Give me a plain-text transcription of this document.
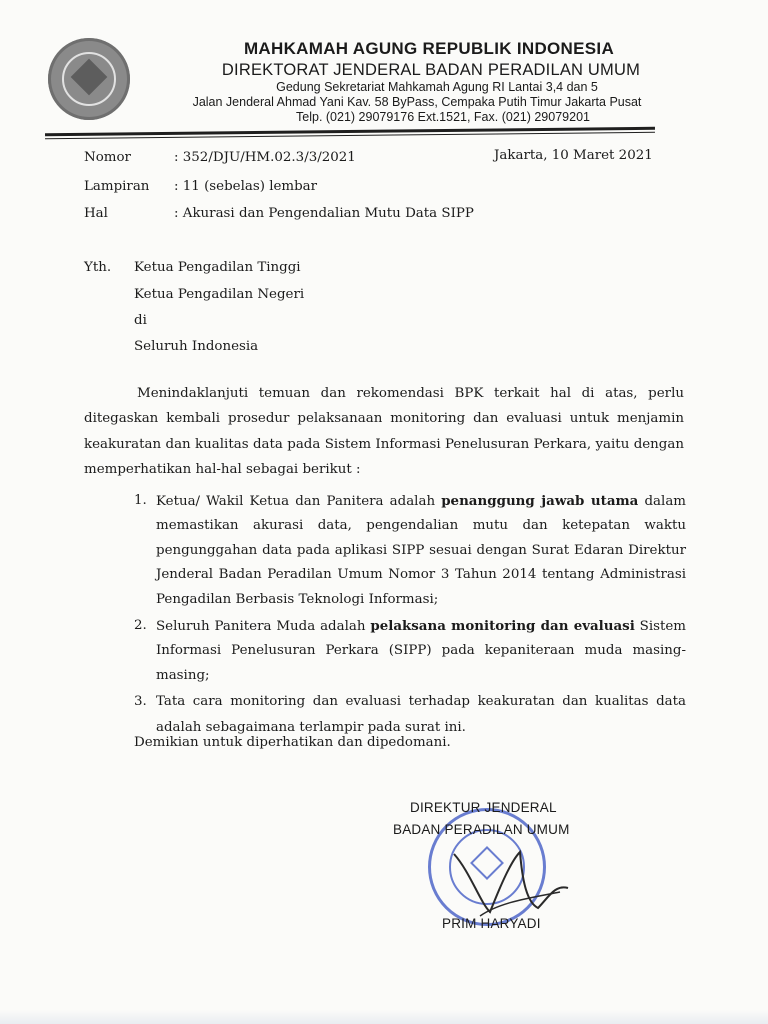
MAHKAMAH AGUNG REPUBLIK INDONESIA
DIREKTORAT JENDERAL BADAN PERADILAN UMUM
Gedung Sekretariat Mahkamah Agung RI Lantai 3,4 dan 5
Jalan Jenderal Ahmad Yani Kav. 58 ByPass, Cempaka Putih Timur Jakarta Pusat
Telp. (021) 29079176 Ext.1521, Fax. (021) 29079201
Nomor	: 352/DJU/HM.02.3/3/2021	Jakarta, 10 Maret 2021
Lampiran : 11 (sebelas) lembar
Hal	: Akurasi dan Pengendalian Mutu Data SIPP
Yth. Ketua Pengadilan Tinggi
Ketua Pengadilan Negeri
di
Seluruh Indonesia

Menindaklanjuti temuan dan rekomendasi BPK terkait hal di atas, perlu ditegaskan kembali prosedur pelaksanaan monitoring dan evaluasi untuk menjamin keakuratan dan kualitas data pada Sistem Informasi Penelusuran Perkara, yaitu dengan memperhatikan hal-hal sebagai berikut :

1. Ketua/ Wakil Ketua dan Panitera adalah penanggung jawab utama dalam memastikan akurasi data, pengendalian mutu dan ketepatan waktu pengunggahan data pada aplikasi SIPP sesuai dengan Surat Edaran Direktur Jenderal Badan Peradilan Umum Nomor 3 Tahun 2014 tentang Administrasi Pengadilan Berbasis Teknologi Informasi;
2. Seluruh Panitera Muda adalah pelaksana monitoring dan evaluasi Sistem Informasi Penelusuran Perkara (SIPP) pada kepaniteraan muda masing-masing;
3. Tata cara monitoring dan evaluasi terhadap keakuratan dan kualitas data adalah sebagaimana terlampir pada surat ini.
Demikian untuk diperhatikan dan dipedomani.
DIREKTUR JENDERAL
BADAN PERADILAN UMUM
PRIM HARYADI
